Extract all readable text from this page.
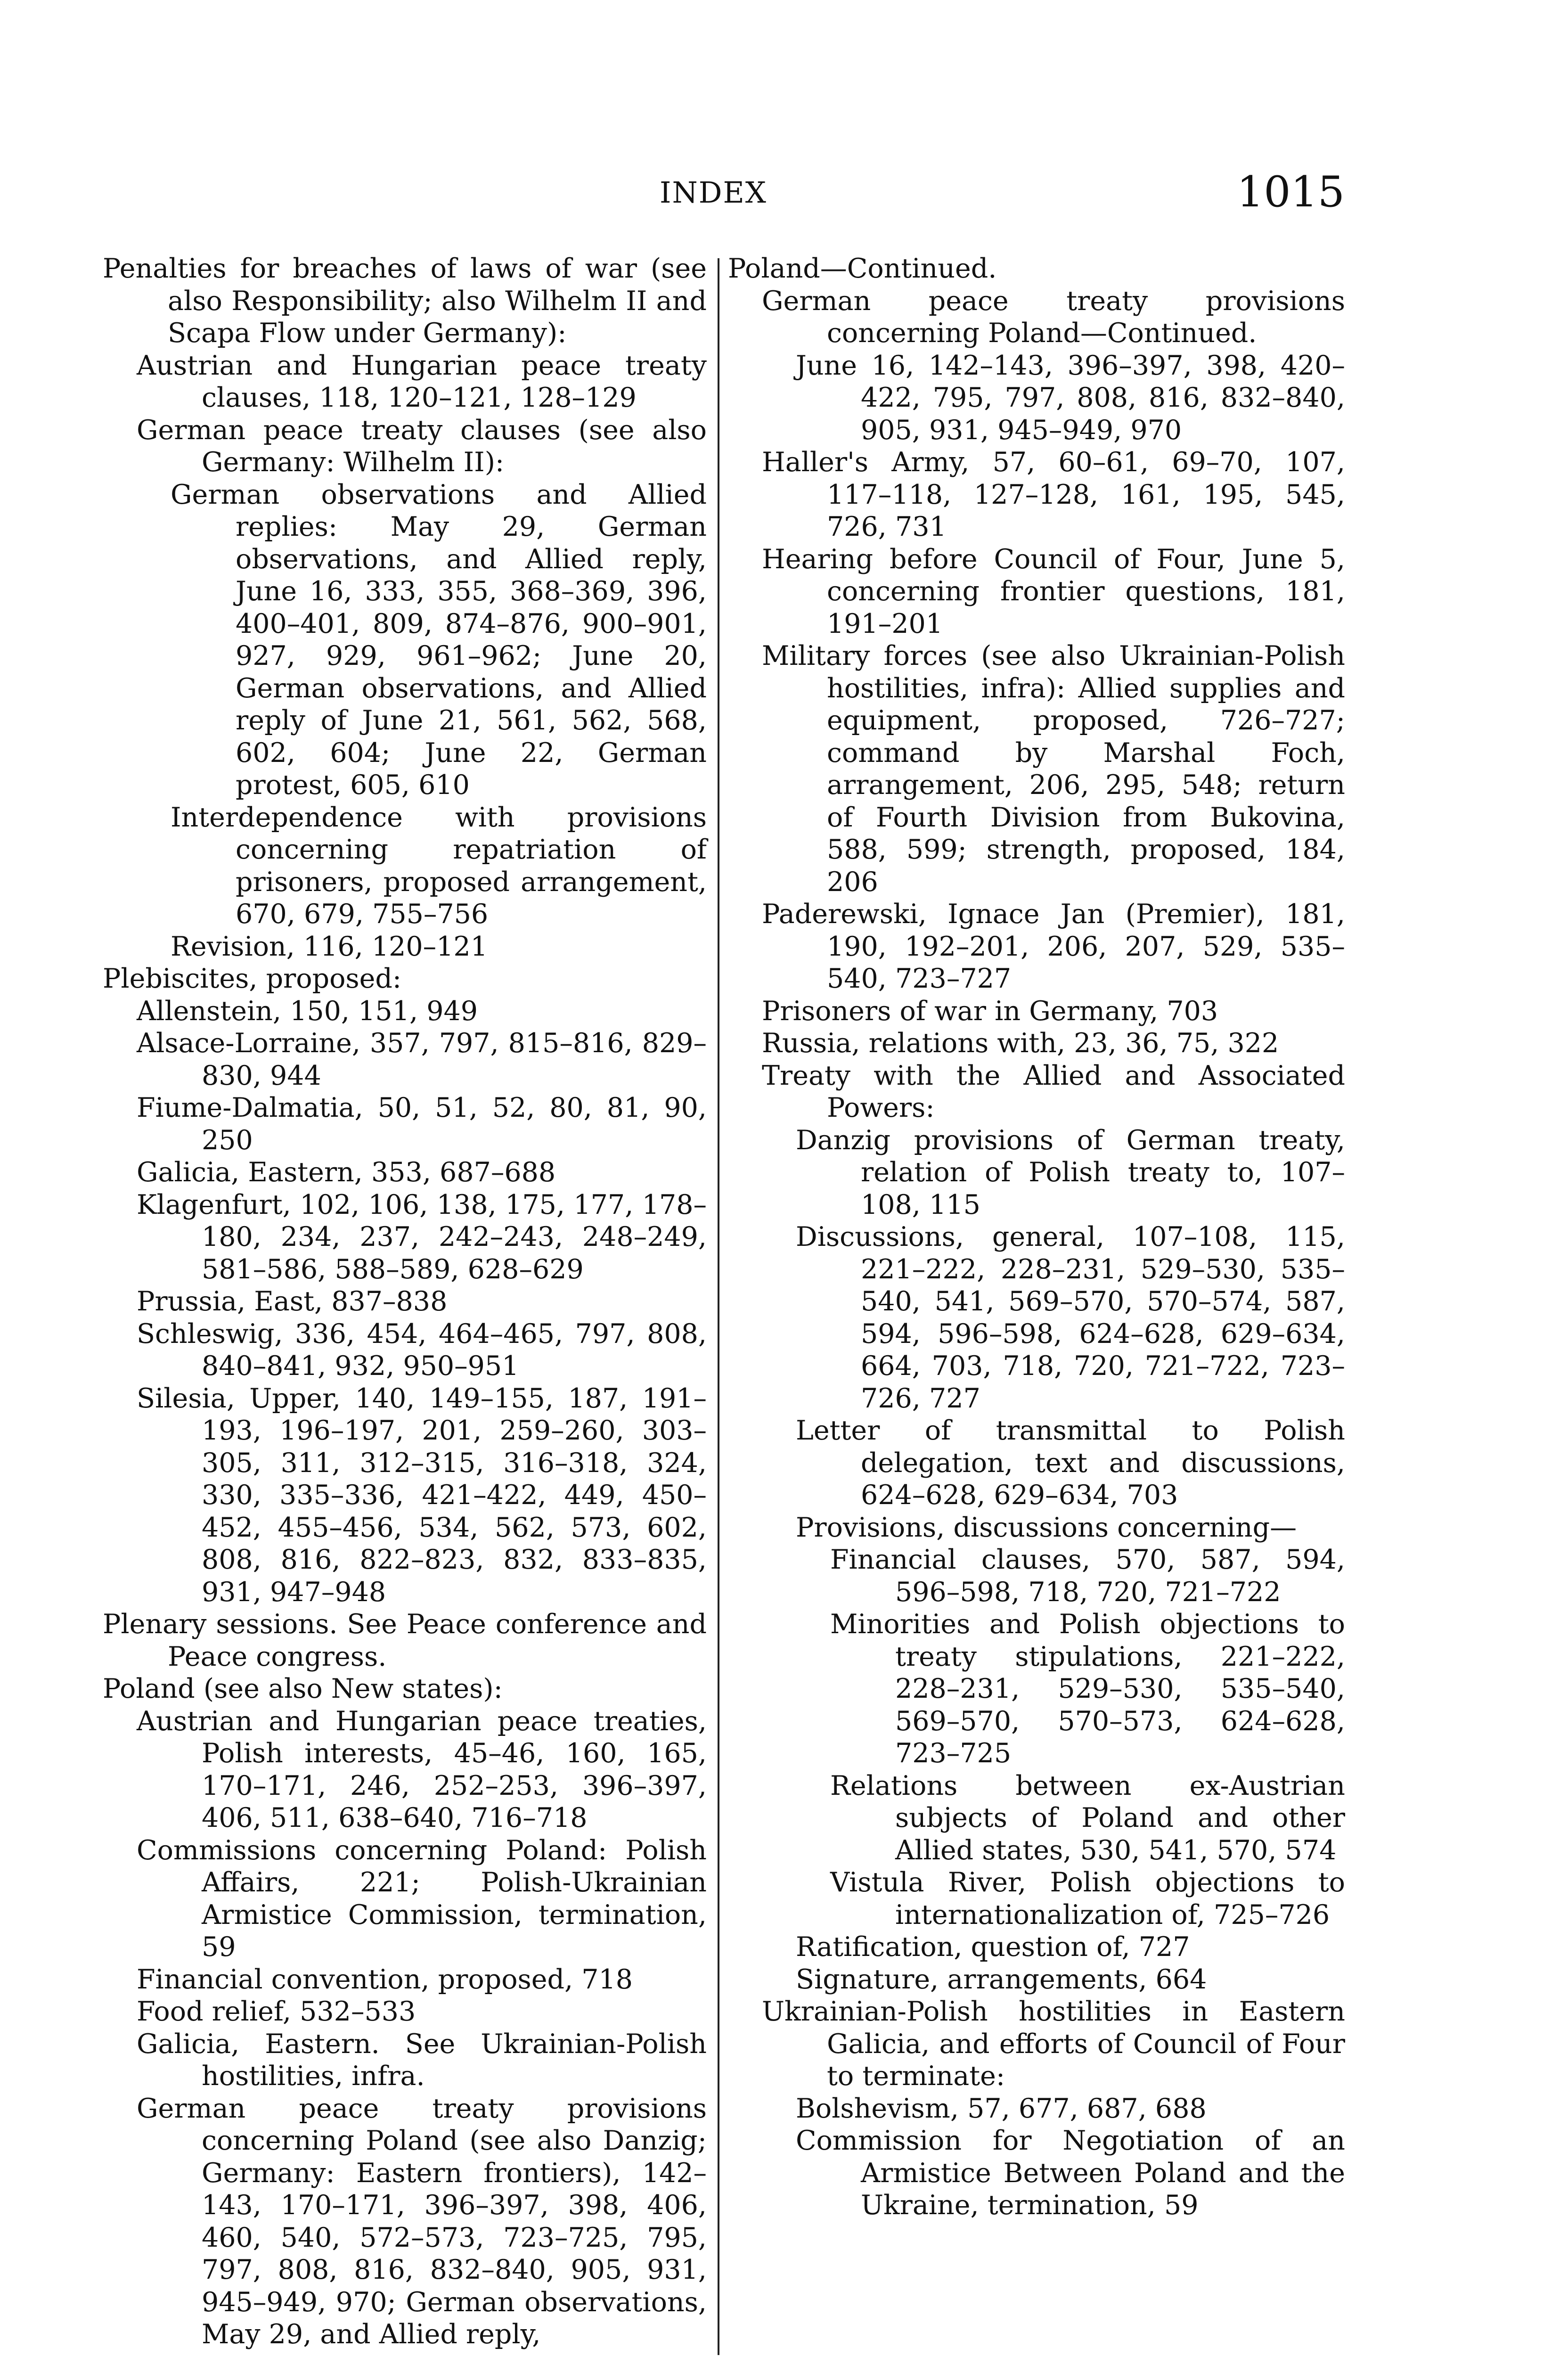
INDEX	1015
Penalties for breaches of laws of war (see also Responsibility; also Wilhelm II and Scapa Flow under Germany):
Austrian and Hungarian peace treaty clauses, 118, 120–121, 128–129
German peace treaty clauses (see also Germany: Wilhelm II):
German observations and Allied replies: May 29, German observations, and Allied reply, June 16, 333, 355, 368–369, 396, 400–401, 809, 874–876, 900–901, 927, 929, 961–962; June 20, German observations, and Allied reply of June 21, 561, 562, 568, 602, 604; June 22, German protest, 605, 610
Interdependence with provisions concerning repatriation of prisoners, proposed arrangement, 670, 679, 755–756
Revision, 116, 120–121
Plebiscites, proposed:
Allenstein, 150, 151, 949
Alsace-Lorraine, 357, 797, 815–816, 829–830, 944
Fiume-Dalmatia, 50, 51, 52, 80, 81, 90, 250
Galicia, Eastern, 353, 687–688
Klagenfurt, 102, 106, 138, 175, 177, 178–180, 234, 237, 242–243, 248–249, 581–586, 588–589, 628–629
Prussia, East, 837–838
Schleswig, 336, 454, 464–465, 797, 808, 840–841, 932, 950–951
Silesia, Upper, 140, 149–155, 187, 191–193, 196–197, 201, 259–260, 303–305, 311, 312–315, 316–318, 324, 330, 335–336, 421–422, 449, 450–452, 455–456, 534, 562, 573, 602, 808, 816, 822–823, 832, 833–835, 931, 947–948
Plenary sessions. See Peace conference and Peace congress.
Poland (see also New states):
Austrian and Hungarian peace treaties, Polish interests, 45–46, 160, 165, 170–171, 246, 252–253, 396–397, 406, 511, 638–640, 716–718
Commissions concerning Poland: Polish Affairs, 221; Polish-Ukrainian Armistice Commission, termination, 59
Financial convention, proposed, 718
Food relief, 532–533
Galicia, Eastern. See Ukrainian-Polish hostilities, infra.
German peace treaty provisions concerning Poland (see also Danzig; Germany: Eastern frontiers), 142–143, 170–171, 396–397, 398, 406, 460, 540, 572–573, 723–725, 795, 797, 808, 816, 832–840, 905, 931, 945–949, 970; German observations, May 29, and Allied reply,
Poland—Continued.
German peace treaty provisions concerning Poland—Continued.
June 16, 142–143, 396–397, 398, 420–422, 795, 797, 808, 816, 832–840, 905, 931, 945–949, 970
Haller's Army, 57, 60–61, 69–70, 107, 117–118, 127–128, 161, 195, 545, 726, 731
Hearing before Council of Four, June 5, concerning frontier questions, 181, 191–201
Military forces (see also Ukrainian-Polish hostilities, infra): Allied supplies and equipment, proposed, 726–727; command by Marshal Foch, arrangement, 206, 295, 548; return of Fourth Division from Bukovina, 588, 599; strength, proposed, 184, 206
Paderewski, Ignace Jan (Premier), 181, 190, 192–201, 206, 207, 529, 535–540, 723–727
Prisoners of war in Germany, 703
Russia, relations with, 23, 36, 75, 322
Treaty with the Allied and Associated Powers:
Danzig provisions of German treaty, relation of Polish treaty to, 107–108, 115
Discussions, general, 107–108, 115, 221–222, 228–231, 529–530, 535–540, 541, 569–570, 570–574, 587, 594, 596–598, 624–628, 629–634, 664, 703, 718, 720, 721–722, 723–726, 727
Letter of transmittal to Polish delegation, text and discussions, 624–628, 629–634, 703
Provisions, discussions concerning—
Financial clauses, 570, 587, 594, 596–598, 718, 720, 721–722
Minorities and Polish objections to treaty stipulations, 221–222, 228–231, 529–530, 535–540, 569–570, 570–573, 624–628, 723–725
Relations between ex-Austrian subjects of Poland and other Allied states, 530, 541, 570, 574
Vistula River, Polish objections to internationalization of, 725–726
Ratification, question of, 727
Signature, arrangements, 664
Ukrainian-Polish hostilities in Eastern Galicia, and efforts of Council of Four to terminate:
Bolshevism, 57, 677, 687, 688
Commission for Negotiation of an Armistice Between Poland and the Ukraine, termination, 59
